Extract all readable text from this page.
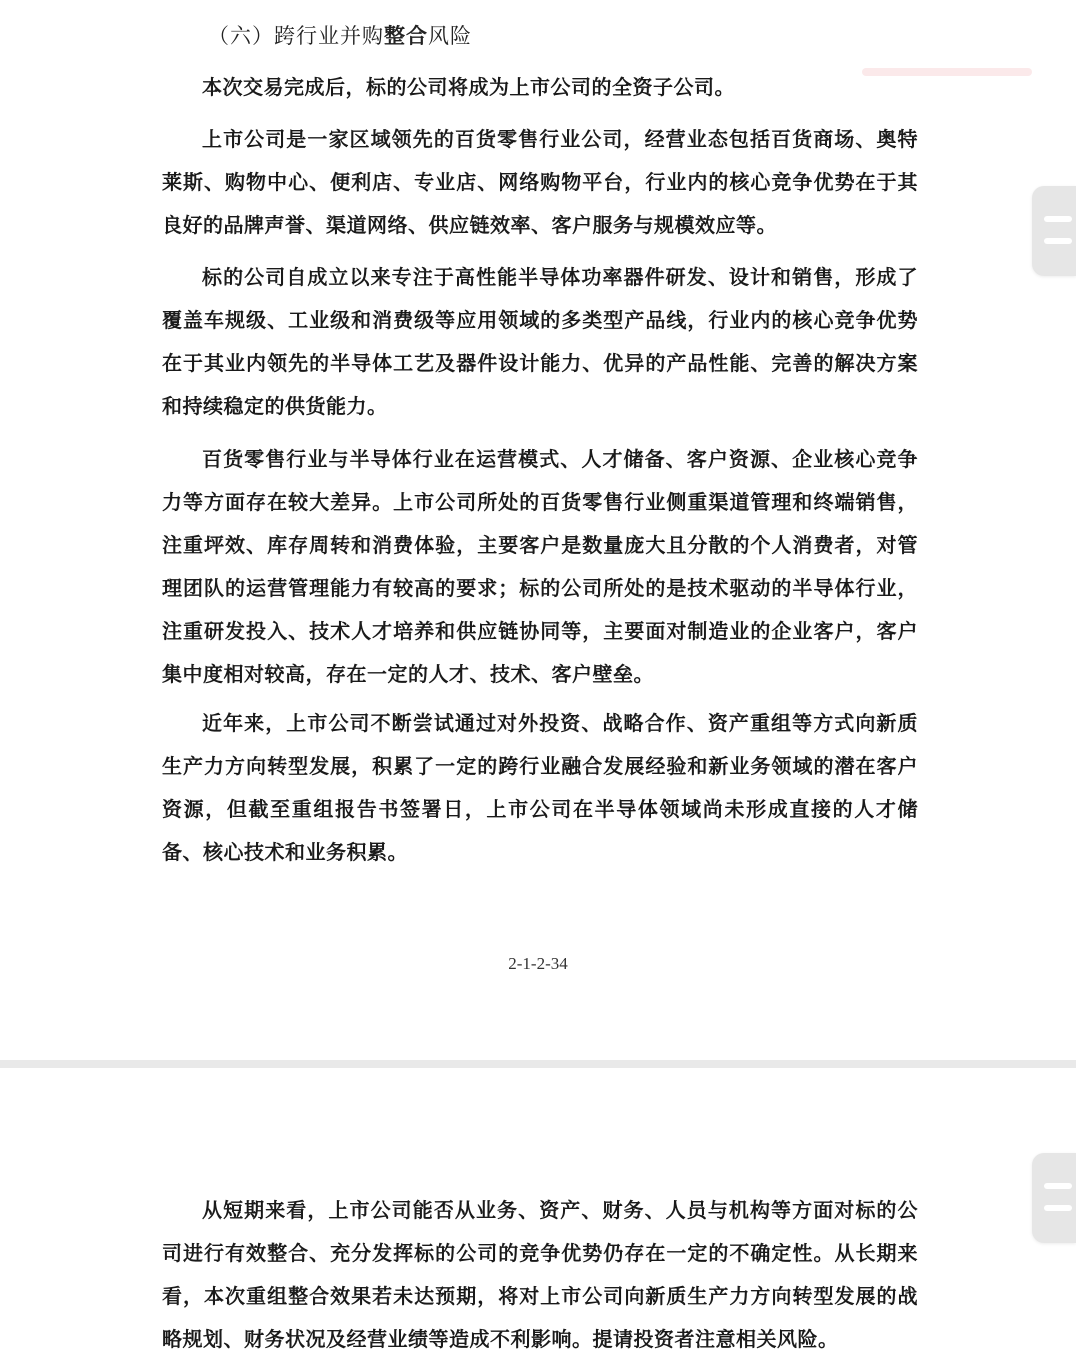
（六）跨行业并购整合风险

本次交易完成后，标的公司将成为上市公司的全资子公司。

上市公司是一家区域领先的百货零售行业公司，经营业态包括百货商场、奥特莱斯、购物中心、便利店、专业店、网络购物平台，行业内的核心竞争优势在于其良好的品牌声誉、渠道网络、供应链效率、客户服务与规模效应等。

标的公司自成立以来专注于高性能半导体功率器件研发、设计和销售，形成了覆盖车规级、工业级和消费级等应用领域的多类型产品线，行业内的核心竞争优势在于其业内领先的半导体工艺及器件设计能力、优异的产品性能、完善的解决方案和持续稳定的供货能力。

百货零售行业与半导体行业在运营模式、人才储备、客户资源、企业核心竞争力等方面存在较大差异。上市公司所处的百货零售行业侧重渠道管理和终端销售，注重坪效、库存周转和消费体验，主要客户是数量庞大且分散的个人消费者，对管理团队的运营管理能力有较高的要求；标的公司所处的是技术驱动的半导体行业，注重研发投入、技术人才培养和供应链协同等，主要面对制造业的企业客户，客户集中度相对较高，存在一定的人才、技术、客户壁垒。

近年来，上市公司不断尝试通过对外投资、战略合作、资产重组等方式向新质生产力方向转型发展，积累了一定的跨行业融合发展经验和新业务领域的潜在客户资源，但截至重组报告书签署日，上市公司在半导体领域尚未形成直接的人才储备、核心技术和业务积累。

2-1-2-34

从短期来看，上市公司能否从业务、资产、财务、人员与机构等方面对标的公司进行有效整合、充分发挥标的公司的竞争优势仍存在一定的不确定性。从长期来看，本次重组整合效果若未达预期，将对上市公司向新质生产力方向转型发展的战略规划、财务状况及经营业绩等造成不利影响。提请投资者注意相关风险。
